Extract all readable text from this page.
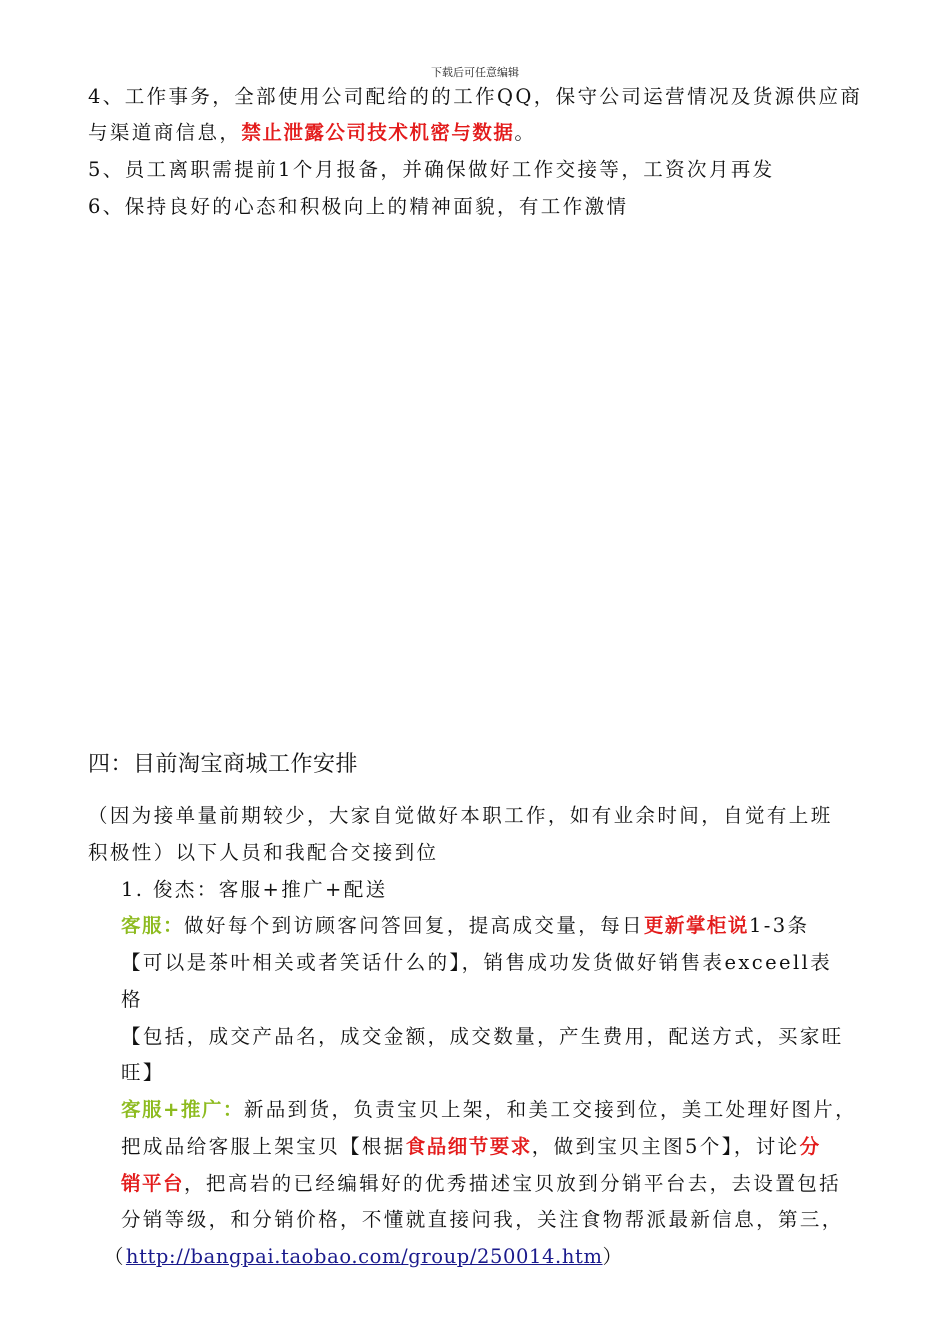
下载后可任意编辑
4、工作事务，全部使用公司配给的的工作QQ，保守公司运营情况及货源供应商
与渠道商信息，禁止泄露公司技术机密与数据。
5、员工离职需提前1个月报备，并确保做好工作交接等，工资次月再发
6、保持良好的心态和积极向上的精神面貌，有工作激情
四：目前淘宝商城工作安排
（因为接单量前期较少，大家自觉做好本职工作，如有业余时间，自觉有上班
积极性）以下人员和我配合交接到位
1. 俊杰：客服+推广+配送
客服：做好每个到访顾客问答回复，提高成交量，每日更新掌柜说1-3条
【可以是茶叶相关或者笑话什么的】，销售成功发货做好销售表exceell表
格
【包括，成交产品名，成交金额，成交数量，产生费用，配送方式，买家旺
旺】
客服+推广：新品到货，负责宝贝上架，和美工交接到位，美工处理好图片，
把成品给客服上架宝贝【根据食品细节要求，做到宝贝主图5个】，讨论分
销平台，把高岩的已经编辑好的优秀描述宝贝放到分销平台去，去设置包括
分销等级，和分销价格，不懂就直接问我，关注食物帮派最新信息，第三，
（http://bangpai.taobao.com/group/250014.htm）
